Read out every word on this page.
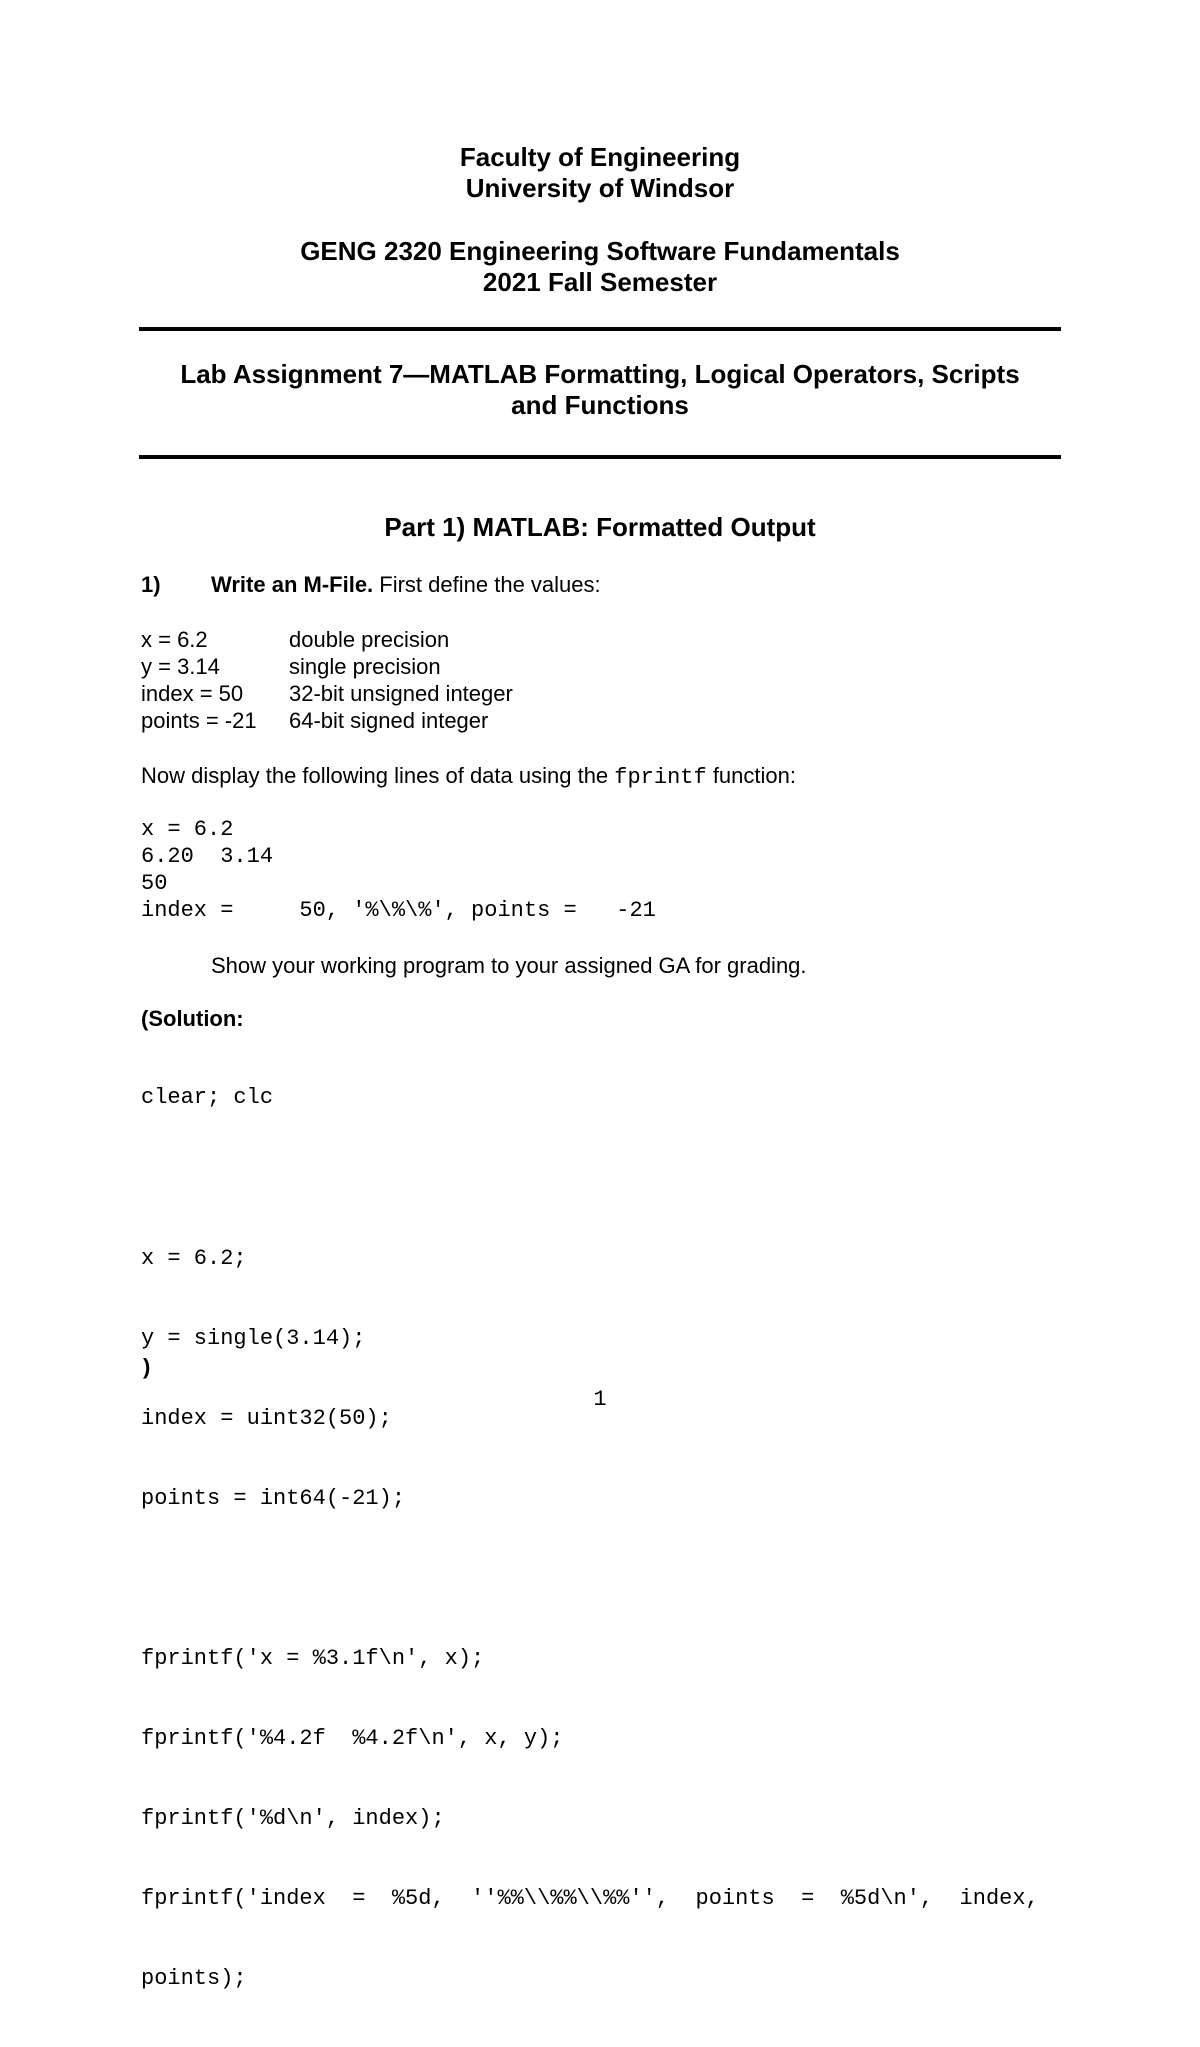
Faculty of Engineering
University of Windsor
GENG 2320 Engineering Software Fundamentals
2021 Fall Semester
Lab Assignment 7—MATLAB Formatting, Logical Operators, Scripts
and Functions
Part 1) MATLAB: Formatted Output
1) Write an M-File. First define the values:
x = 6.2	double precision
y = 3.14	single precision
index = 50 32-bit unsigned integer
points = -21 64-bit signed integer
Now display the following lines of data using the fprintf function:
x = 6.2
6.20  3.14
50
index =     50, '%\%\%', points =   -21
Show your working program to your assigned GA for grading.
(Solution:

clear; clc

x = 6.2;

y = single(3.14);

index = uint32(50);

points = int64(-21);

fprintf('x = %3.1f\n', x);

fprintf('%4.2f  %4.2f\n', x, y);

fprintf('%d\n', index);

fprintf('index  =  %5d,  ''%%\\%%\\%%'',  points  =  %5d\n',  index,

points);

)
1
